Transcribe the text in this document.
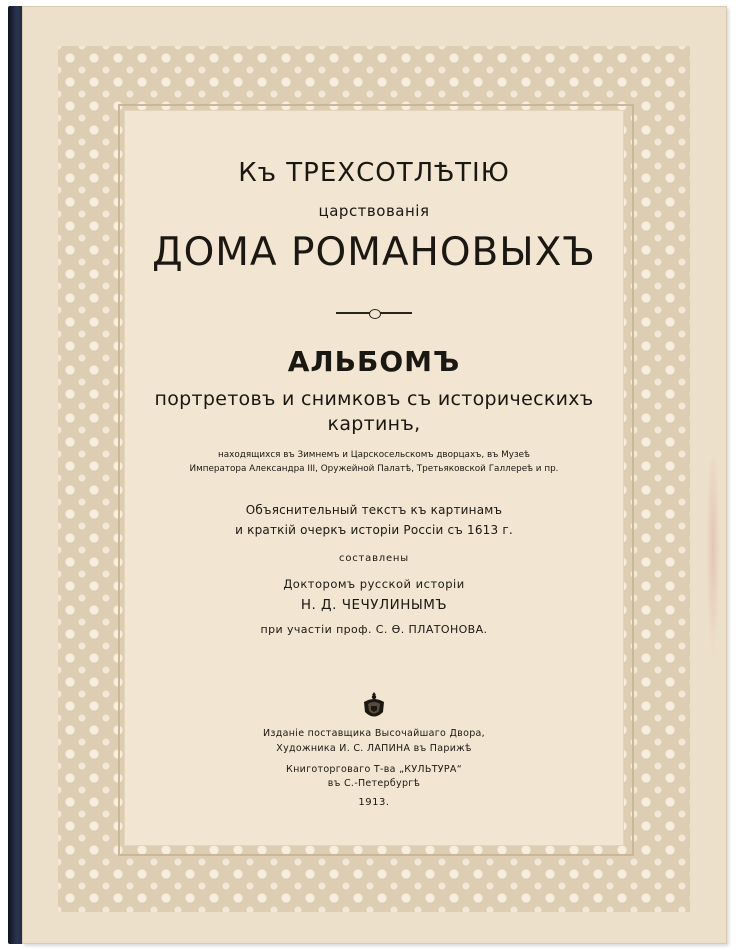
Къ ТРЕХСОТЛѢТІЮ
царствованія
ДОМА РОМАНОВЫХЪ
АЛЬБОМЪ
портретовъ и снимковъ съ историческихъ
картинъ,
находящихся въ Зимнемъ и Царскосельскомъ дворцахъ, въ Музеѣ
Императора Александра III, Оружейной Палатѣ, Третьяковской Галлереѣ и пр.
Объяснительный текстъ къ картинамъ
и краткій очеркъ исторіи Россіи съ 1613 г.
составлены
Докторомъ русской исторіи
Н. Д. ЧЕЧУЛИНЫМЪ
при участіи проф. С. Ѳ. ПЛАТОНОВА.
Изданіе поставщика Высочайшаго Двора,
Художника И. С. ЛАПИНА въ Парижѣ
Книготорговаго Т-ва „КУЛЬТУРА“
въ С.-Петербургѣ
1913.
